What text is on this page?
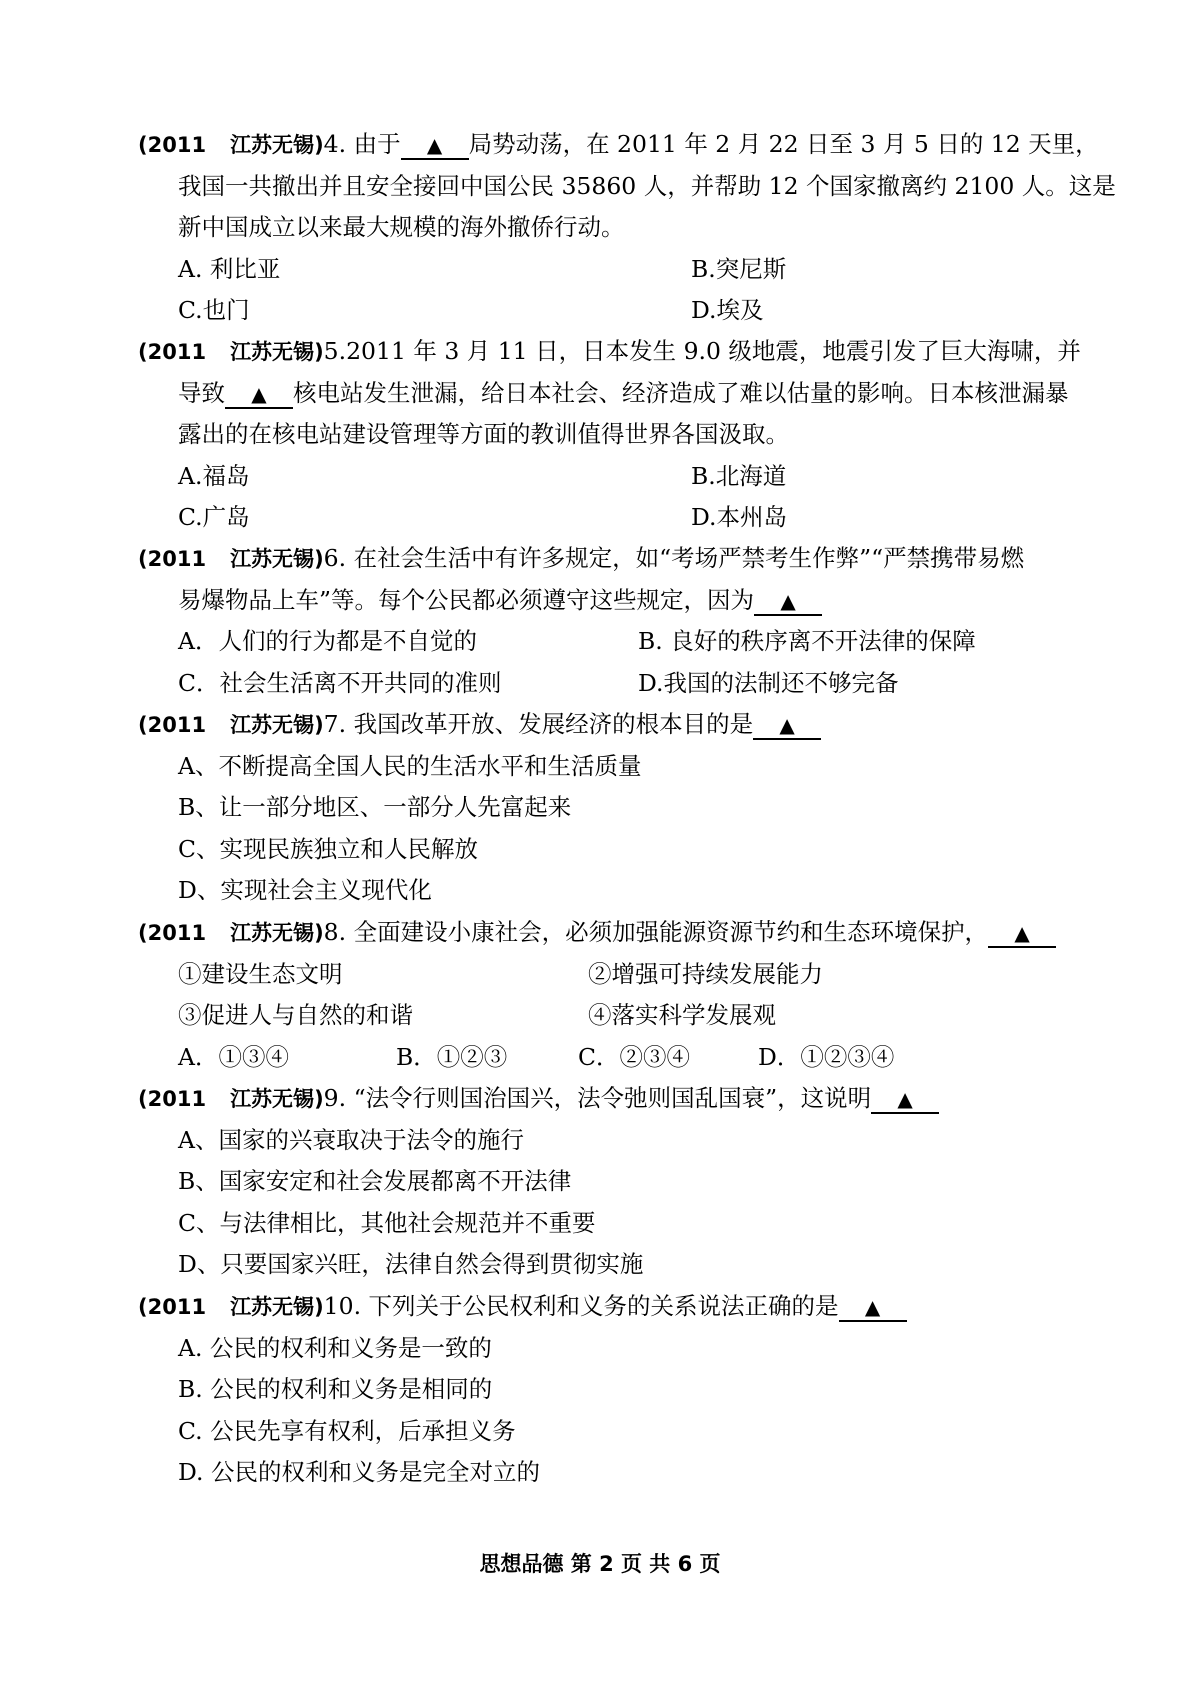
(2011 江苏无锡)4. 由于 ▲ 局势动荡，在 2011 年 2 月 22 日至 3 月 5 日的 12 天里，
我国一共撤出并且安全接回中国公民 35860 人，并帮助 12 个国家撤离约 2100 人。这是
新中国成立以来最大规模的海外撤侨行动。
A. 利比亚	B.突尼斯
C.也门	D.埃及
(2011 江苏无锡)5.2011 年 3 月 11 日，日本发生 9.0 级地震，地震引发了巨大海啸，并
导致 ▲ 核电站发生泄漏，给日本社会、经济造成了难以估量的影响。日本核泄漏暴
露出的在核电站建设管理等方面的教训值得世界各国汲取。
A.福岛	B.北海道
C.广岛	D.本州岛
(2011 江苏无锡)6. 在社会生活中有许多规定，如“考场严禁考生作弊”“严禁携带易燃
易爆物品上车”等。每个公民都必须遵守这些规定，因为 ▲
A．人们的行为都是不自觉的	B. 良好的秩序离不开法律的保障
C．社会生活离不开共同的准则	D.我国的法制还不够完备
(2011 江苏无锡)7. 我国改革开放、发展经济的根本目的是 ▲
A、不断提高全国人民的生活水平和生活质量
B、让一部分地区、一部分人先富起来
C、实现民族独立和人民解放
D、实现社会主义现代化
(2011 江苏无锡)8. 全面建设小康社会，必须加强能源资源节约和生态环境保护， ▲
①建设生态文明	②增强可持续发展能力
③促进人与自然的和谐	④落实科学发展观
A．①③④	B．①②③	C．②③④	D．①②③④
(2011 江苏无锡)9. “法令行则国治国兴，法令弛则国乱国衰”，这说明 ▲
A、国家的兴衰取决于法令的施行
B、国家安定和社会发展都离不开法律
C、与法律相比，其他社会规范并不重要
D、只要国家兴旺，法律自然会得到贯彻实施
(2011 江苏无锡)10. 下列关于公民权利和义务的关系说法正确的是 ▲
A. 公民的权利和义务是一致的
B. 公民的权利和义务是相同的
C. 公民先享有权利，后承担义务
D. 公民的权利和义务是完全对立的
思想品德 第 2 页 共 6 页
